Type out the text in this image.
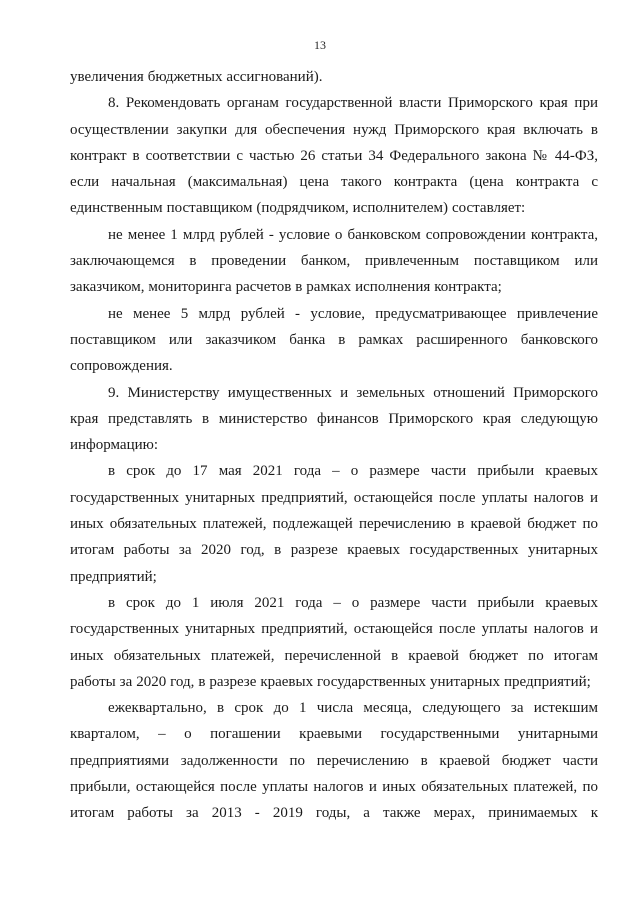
13

увеличения бюджетных ассигнований).

8. Рекомендовать органам государственной власти Приморского края при осуществлении закупки для обеспечения нужд Приморского края включать в контракт в соответствии с частью 26 статьи 34 Федерального закона № 44-ФЗ, если начальная (максимальная) цена такого контракта (цена контракта с единственным поставщиком (подрядчиком, исполнителем) составляет:

не менее 1 млрд рублей - условие о банковском сопровождении контракта, заключающемся в проведении банком, привлеченным поставщиком или заказчиком, мониторинга расчетов в рамках исполнения контракта;

не менее 5 млрд рублей - условие, предусматривающее привлечение поставщиком или заказчиком банка в рамках расширенного банковского сопровождения.

9. Министерству имущественных и земельных отношений Приморского края представлять в министерство финансов Приморского края следующую информацию:

в срок до 17 мая 2021 года – о размере части прибыли краевых государственных унитарных предприятий, остающейся после уплаты налогов и иных обязательных платежей, подлежащей перечислению в краевой бюджет по итогам работы за 2020 год, в разрезе краевых государственных унитарных предприятий;

в срок до 1 июля 2021 года – о размере части прибыли краевых государственных унитарных предприятий, остающейся после уплаты налогов и иных обязательных платежей, перечисленной в краевой бюджет по итогам работы за 2020 год, в разрезе краевых государственных унитарных предприятий;

ежеквартально, в срок до 1 числа месяца, следующего за истекшим кварталом, – о погашении краевыми государственными унитарными предприятиями задолженности по перечислению в краевой бюджет части прибыли, остающейся после уплаты налогов и иных обязательных платежей, по итогам работы за 2013 - 2019 годы, а также мерах, принимаемых к
